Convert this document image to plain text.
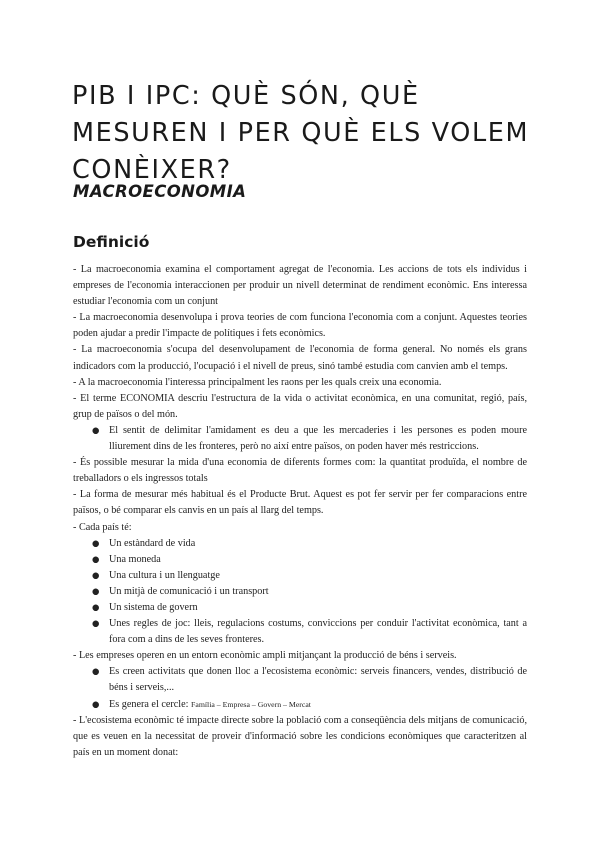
PIB I IPC: QUÈ SÓN, QUÈ MESUREN I PER QUÈ ELS VOLEM CONÈIXER?
MACROECONOMIA
Definició

- La macroeconomia examina el comportament agregat de l'economia. Les accions de tots els individus i empreses de l'economia interaccionen per produir un nivell determinat de rendiment econòmic. Ens interessa estudiar l'economia com un conjunt

- La macroeconomia desenvolupa i prova teories de com funciona l'economia com a conjunt. Aquestes teories poden ajudar a predir l'impacte de polítiques i fets econòmics.

- La macroeconomia s'ocupa del desenvolupament de l'economia de forma general. No només els grans indicadors com la producció, l'ocupació i el nivell de preus, sinó també estudia com canvien amb el temps.

- A la macroeconomia l'interessa principalment les raons per les quals creix una economia.

- El terme ECONOMIA descriu l'estructura de la vida o activitat econòmica, en una comunitat, regió, país, grup de països o del món.

● El sentit de delimitar l'amidament es deu a que les mercaderies i les persones es poden moure lliurement dins de les fronteres, però no així entre països, on poden haver més restriccions.

- És possible mesurar la mida d'una economia de diferents formes com: la quantitat produïda, el nombre de treballadors o els ingressos totals

- La forma de mesurar més habitual és el Producte Brut. Aquest es pot fer servir per fer comparacions entre països, o bé comparar els canvis en un país al llarg del temps.

- Cada país té:

● Un estàndard de vida
● Una moneda
● Una cultura i un llenguatge
● Un mitjà de comunicació i un transport
● Un sistema de govern
● Unes regles de joc: lleis, regulacions costums, conviccions per conduir l'activitat econòmica, tant a fora com a dins de les seves fronteres.

- Les empreses operen en un entorn econòmic ampli mitjançant la producció de béns i serveis.

● Es creen activitats que donen lloc a l'ecosistema econòmic: serveis financers, vendes, distribució de béns i serveis,...
● Es genera el cercle: Família – Empresa – Govern – Mercat

- L'ecosistema econòmic té impacte directe sobre la població com a conseqüència dels mitjans de comunicació, que es veuen en la necessitat de proveir d'informació sobre les condicions econòmiques que caracteritzen al país en un moment donat:
